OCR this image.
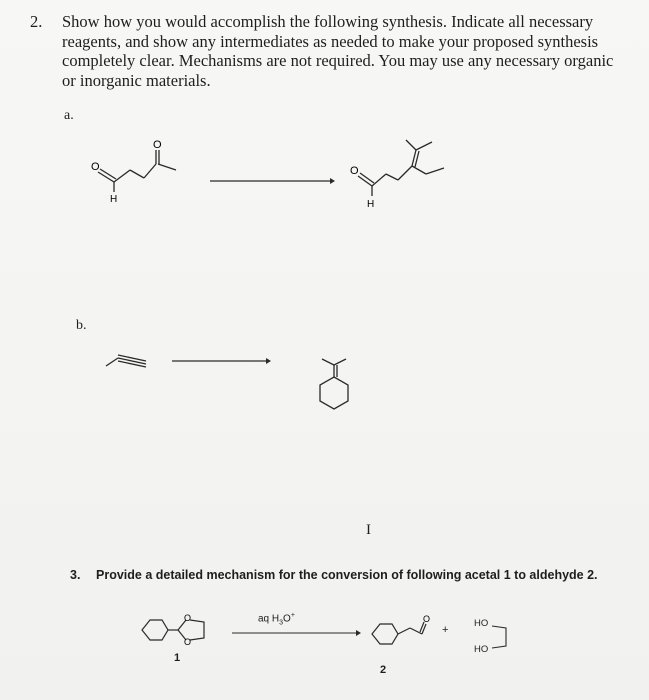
2. Show how you would accomplish the following synthesis. Indicate all necessary reagents, and show any intermediates as needed to make your proposed synthesis completely clear. Mechanisms are not required. You may use any necessary organic or inorganic materials.
a.
O
H
O
O
H
b.
I
3. Provide a detailed mechanism for the conversion of following acetal 1 to aldehyde 2.
aq $H_3O^+$
O
O
1
O
2
+
HO
HO
